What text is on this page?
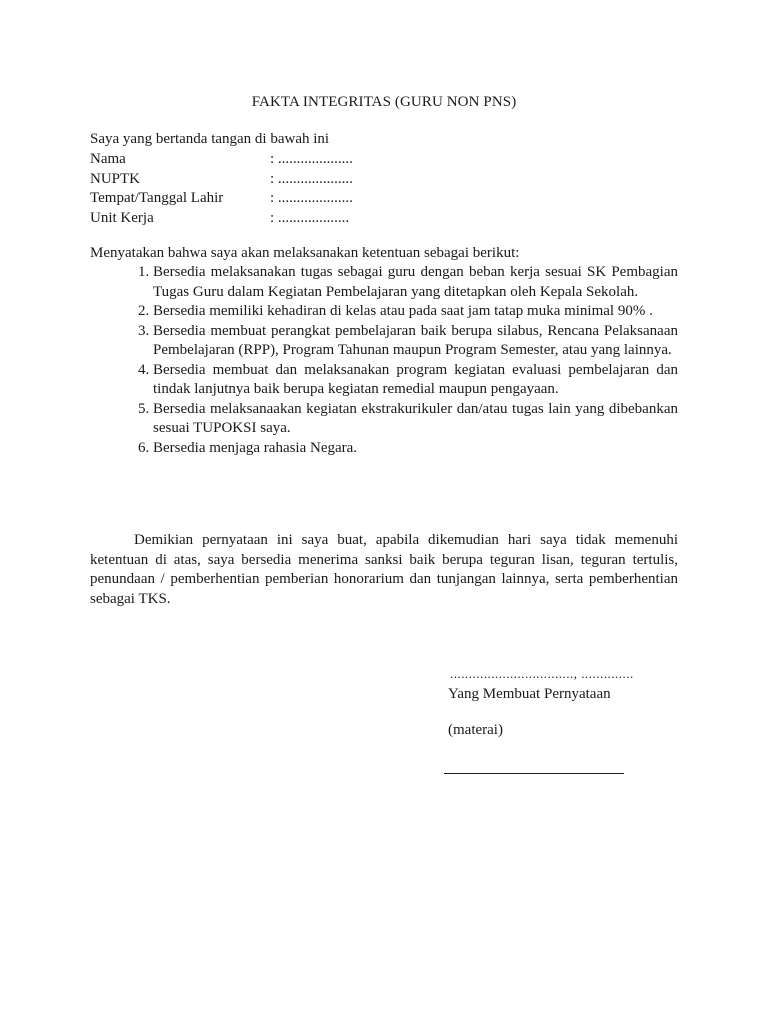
FAKTA INTEGRITAS (GURU NON PNS)
Saya yang bertanda tangan di bawah ini
Nama	: ....................
NUPTK	: ....................
Tempat/Tanggal Lahir	: ....................
Unit Kerja	: ...................
Menyatakan bahwa saya akan melaksanakan ketentuan sebagai berikut:
1. Bersedia melaksanakan tugas sebagai guru dengan beban kerja sesuai SK Pembagian Tugas Guru dalam Kegiatan Pembelajaran yang ditetapkan oleh Kepala Sekolah.
2. Bersedia memiliki kehadiran di kelas atau pada saat jam tatap muka minimal 90% .
3. Bersedia membuat perangkat pembelajaran baik berupa silabus, Rencana Pelaksanaan Pembelajaran (RPP), Program Tahunan maupun Program Semester, atau yang lainnya.
4. Bersedia membuat dan melaksanakan program kegiatan evaluasi pembelajaran dan tindak lanjutnya baik berupa kegiatan remedial maupun pengayaan.
5. Bersedia melaksanaakan kegiatan ekstrakurikuler dan/atau tugas lain yang dibebankan sesuai TUPOKSI saya.
6. Bersedia menjaga rahasia Negara.
Demikian pernyataan ini saya buat, apabila dikemudian hari saya tidak memenuhi ketentuan di atas, saya bersedia menerima sanksi baik berupa teguran lisan, teguran tertulis, penundaan / pemberhentian pemberian honorarium dan tunjangan lainnya, serta pemberhentian sebagai TKS.
................................., ..............
Yang Membuat Pernyataan
(materai)
